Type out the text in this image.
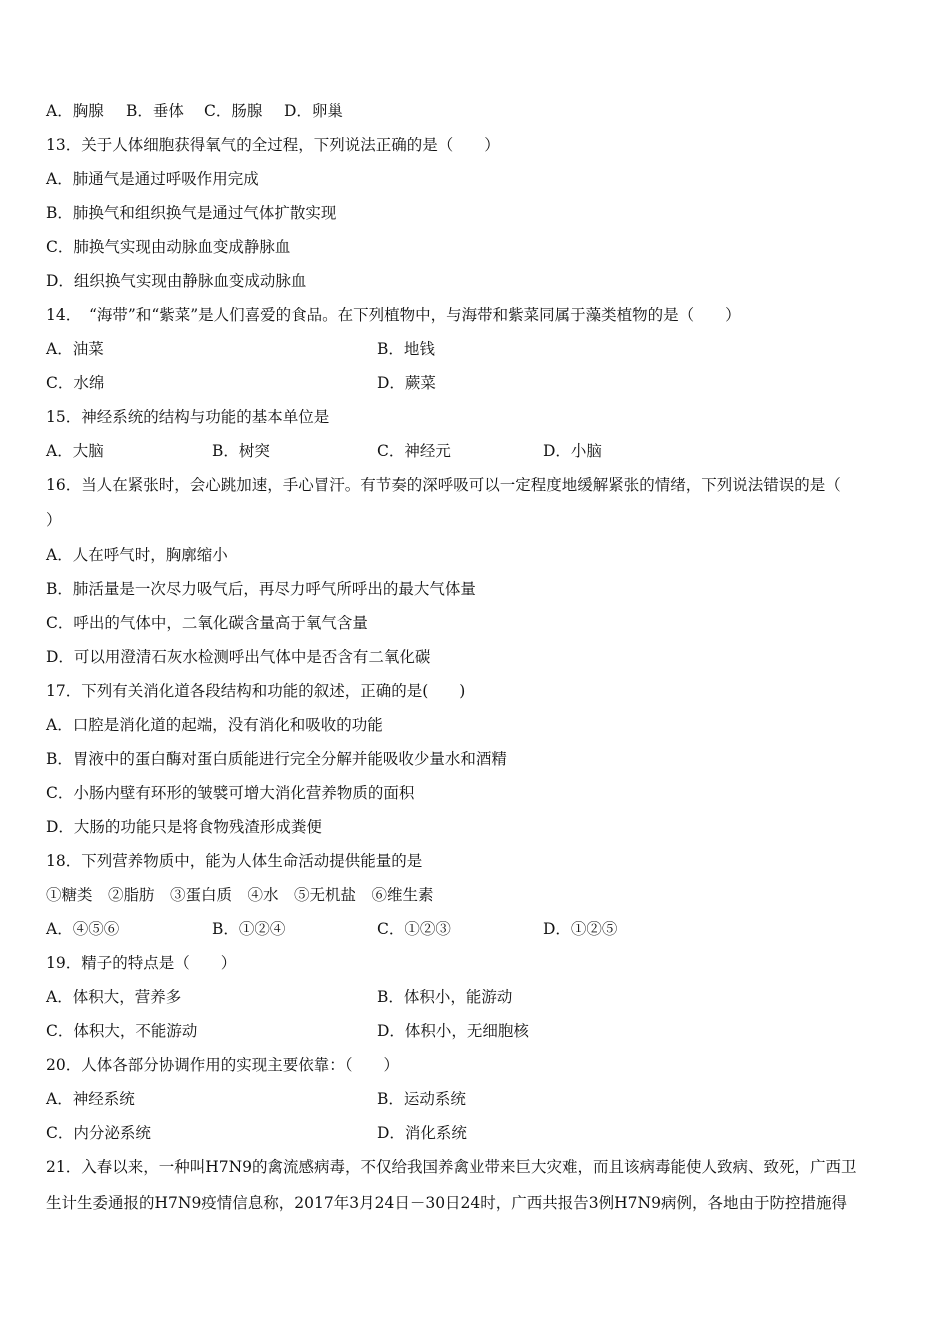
A．胸腺 B．垂体 C．肠腺 D．卵巢
13．关于人体细胞获得氧气的全过程，下列说法正确的是（　　）
A．肺通气是通过呼吸作用完成
B．肺换气和组织换气是通过气体扩散实现
C．肺换气实现由动脉血变成静脉血
D．组织换气实现由静脉血变成动脉血
14．　“海带”和“紫菜”是人们喜爱的食品。在下列植物中，与海带和紫菜同属于藻类植物的是（　　）
A．油菜	B．地钱
C．水绵	D．蕨菜
15．神经系统的结构与功能的基本单位是
A．大脑	B．树突	C．神经元	D．小脑
16．当人在紧张时，会心跳加速，手心冒汗。有节奏的深呼吸可以一定程度地缓解紧张的情绪，下列说法错误的是（
）
A．人在呼气时，胸廓缩小
B．肺活量是一次尽力吸气后，再尽力呼气所呼出的最大气体量
C．呼出的气体中，二氧化碳含量高于氧气含量
D．可以用澄清石灰水检测呼出气体中是否含有二氧化碳
17．下列有关消化道各段结构和功能的叙述，正确的是(　　)
A．口腔是消化道的起端，没有消化和吸收的功能
B．胃液中的蛋白酶对蛋白质能进行完全分解并能吸收少量水和酒精
C．小肠内壁有环形的皱襞可增大消化营养物质的面积
D．大肠的功能只是将食物残渣形成粪便
18．下列营养物质中，能为人体生命活动提供能量的是
①糖类　②脂肪　③蛋白质　④水　⑤无机盐　⑥维生素
A．④⑤⑥	B．①②④	C．①②③	D．①②⑤
19．精子的特点是（　　）
A．体积大，营养多	B．体积小，能游动
C．体积大，不能游动	D．体积小，无细胞核
20．人体各部分协调作用的实现主要依靠：（　　）
A．神经系统	B．运动系统
C．内分泌系统	D．消化系统
21．入春以来，一种叫H7N9的禽流感病毒，不仅给我国养禽业带来巨大灾难，而且该病毒能使人致病、致死，广西卫
生计生委通报的H7N9疫情信息称，2017年3月24日－30日24时，广西共报告3例H7N9病例，各地由于防控措施得
